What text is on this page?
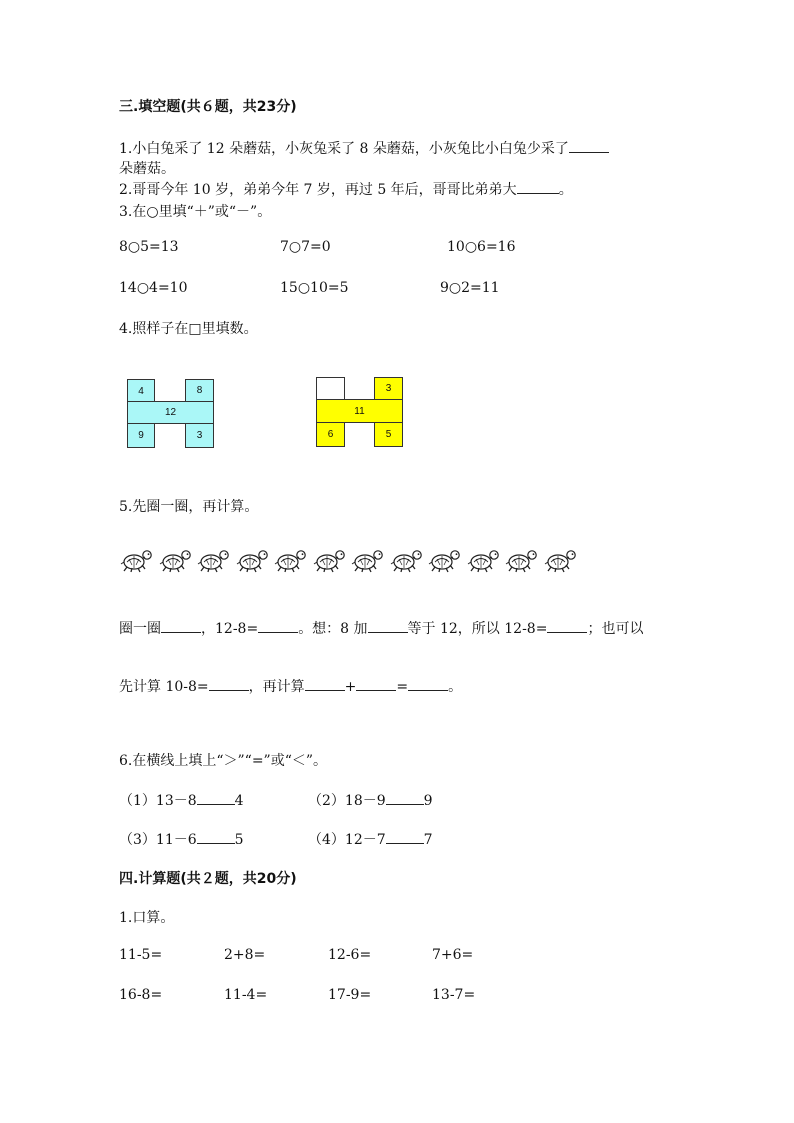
三.填空题(共６题，共23分)
1.小白兔采了 12 朵蘑菇，小灰兔采了 8 朵蘑菇，小灰兔比小白兔少采了
朵蘑菇。
2.哥哥今年 10 岁，弟弟今年 7 岁，再过 5 年后，哥哥比弟弟大	。
3.在○里填“＋”或“－”。
8○5=13	7○7=0	10○6=16
14○4=10	15○10=5	9○2=11
4.照样子在□里填数。
4	8
12
9	3
3
11
6	5
5.先圈一圈，再计算。
圈一圈	，12-8=	。想：8 加	等于 12，所以 12-8=	；也可以
先计算 10-8=	，再计算	+	=	。
6.在横线上填上“＞”“=”或“＜”。
（1）13－8	4	（2）18－9	9
（3）11－6	5	（4）12－7	7
四.计算题(共２题，共20分)
1.口算。
11-5=	2+8=	12-6=	7+6=
16-8=	11-4=	17-9=	13-7=
